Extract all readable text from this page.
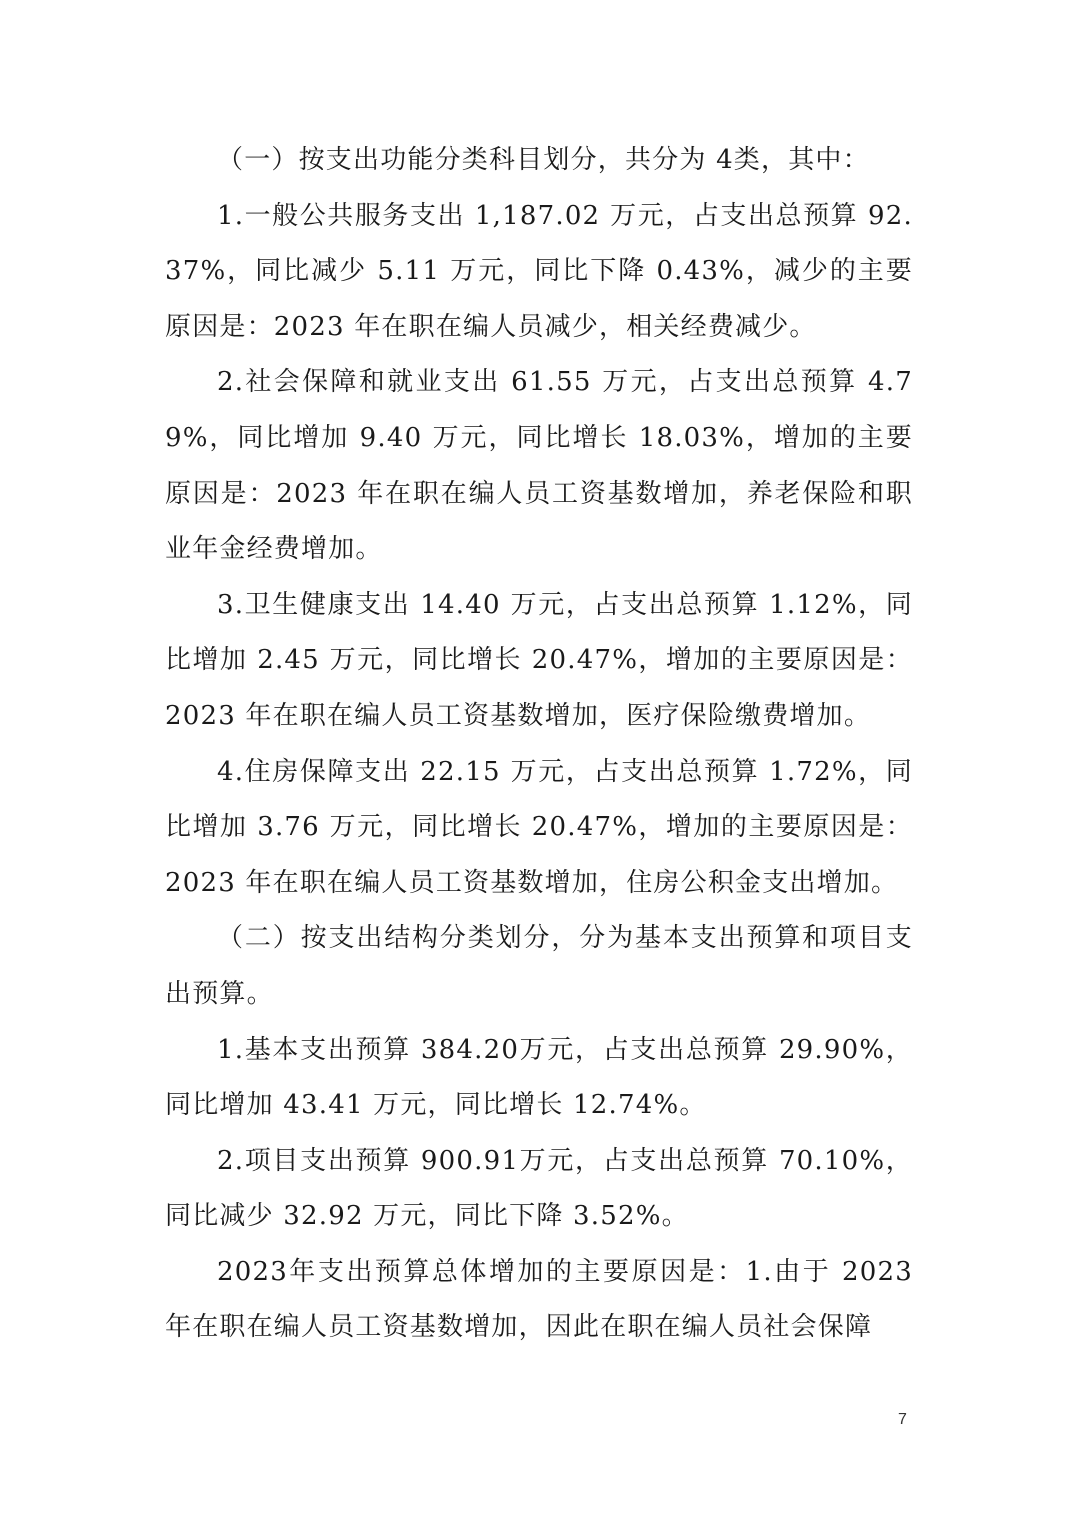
（一）按支出功能分类科目划分，共分为 4类，其中：

1.一般公共服务支出 1,187.02 万元，占支出总预算 92.37%，同比减少 5.11 万元，同比下降 0.43%，减少的主要原因是：2023 年在职在编人员减少，相关经费减少。

2.社会保障和就业支出 61.55 万元，占支出总预算 4.79%，同比增加 9.40 万元，同比增长 18.03%，增加的主要原因是：2023 年在职在编人员工资基数增加，养老保险和职业年金经费增加。

3.卫生健康支出 14.40 万元，占支出总预算 1.12%，同比增加 2.45 万元，同比增长 20.47%，增加的主要原因是：2023 年在职在编人员工资基数增加，医疗保险缴费增加。

4.住房保障支出 22.15 万元，占支出总预算 1.72%，同比增加 3.76 万元，同比增长 20.47%，增加的主要原因是：2023 年在职在编人员工资基数增加，住房公积金支出增加。

（二）按支出结构分类划分，分为基本支出预算和项目支出预算。

1.基本支出预算 384.20万元，占支出总预算 29.90%，同比增加 43.41 万元，同比增长 12.74%。

2.项目支出预算 900.91万元，占支出总预算 70.10%，同比减少 32.92 万元，同比下降 3.52%。

2023年支出预算总体增加的主要原因是：1.由于 2023 年在职在编人员工资基数增加，因此在职在编人员社会保障

7
